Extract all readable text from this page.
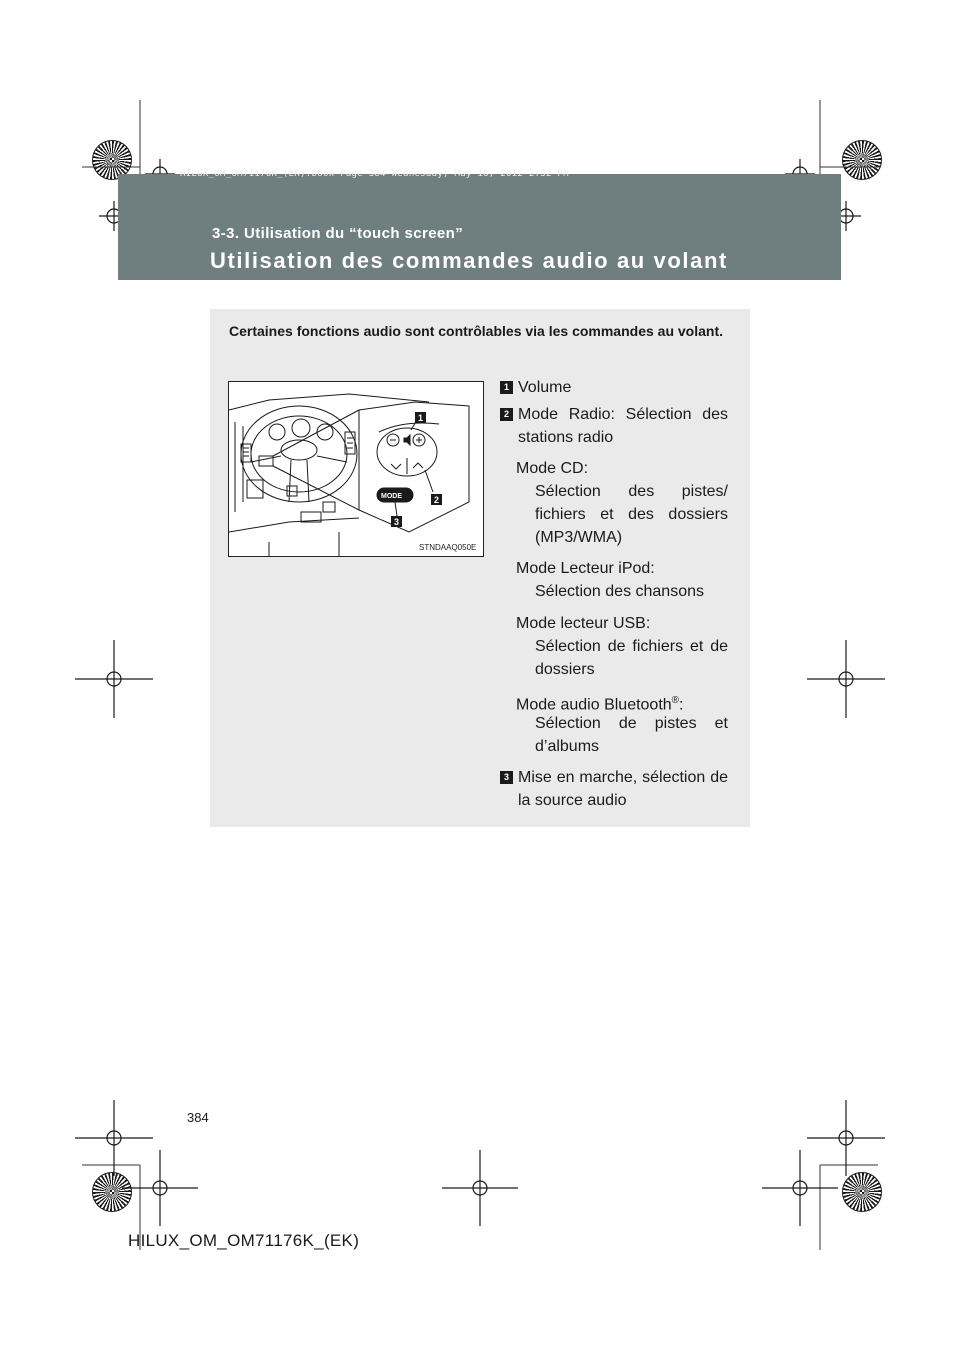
HILUX_OM_OM71176K_(EK).book Page 384 Wednesday, May 16, 2012 2:32 PM
3-3. Utilisation du “touch screen”
Utilisation des commandes audio au volant
Certaines fonctions audio sont contrôlables via les commandes au volant.
MODE
1
2
3
STNDAAQ050E
1 Volume
2 Mode Radio: Sélection des stations radio
Mode CD:
Sélection des pistes/ fichiers et des dossiers (MP3/WMA)
Mode Lecteur iPod:
Sélection des chansons
Mode lecteur USB:
Sélection de fichiers et de dossiers
Mode audio Bluetooth®:
Sélection de pistes et d’albums
3 Mise en marche, sélection de la source audio
384
HILUX_OM_OM71176K_(EK)
